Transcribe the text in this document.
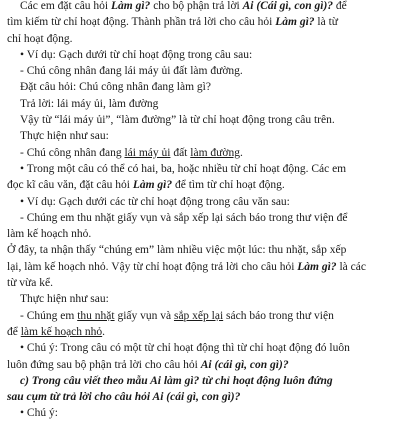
Các em đặt câu hỏi Làm gì? cho bộ phận trả lời Ai (Cái gì, con gì)? để

tìm kiếm từ chỉ hoạt động. Thành phần trả lời cho câu hỏi Làm gì? là từ

chỉ hoạt động.

• Ví dụ: Gạch dưới từ chỉ hoạt động trong câu sau:

- Chú công nhân đang lái máy ủi đất làm đường.

Đặt câu hỏi: Chú công nhân đang làm gì?

Trả lời: lái máy ủi, làm đường

Vậy từ “lái máy ủi”, “làm đường” là từ chỉ hoạt động trong câu trên.

Thực hiện như sau:

- Chú công nhân đang lái máy ủi đất làm đường.

• Trong một câu có thể có hai, ba, hoặc nhiều từ chỉ hoạt động. Các em

đọc kĩ câu văn, đặt câu hỏi Làm gì? để tìm từ chỉ hoạt động.

• Ví dụ: Gạch dưới các từ chỉ hoạt động trong câu văn sau:

- Chúng em thu nhặt giấy vụn và sắp xếp lại sách báo trong thư viện để

làm kế hoạch nhỏ.

Ở đây, ta nhận thấy “chúng em” làm nhiều việc một lúc: thu nhặt, sắp xếp

lại, làm kế hoạch nhỏ. Vậy từ chỉ hoạt động trả lời cho câu hỏi Làm gì? là các

từ vừa kể.

Thực hiện như sau:

- Chúng em thu nhặt giấy vụn và sắp xếp lại sách báo trong thư viện

để làm kế hoạch nhỏ.

• Chú ý: Trong câu có một từ chỉ hoạt động thì từ chỉ hoạt động đó luôn

luôn đứng sau bộ phận trả lời cho câu hỏi Ai (cái gì, con gì)?

c) Trong câu viết theo mẫu Ai làm gì? từ chỉ hoạt động luôn đứng

sau cụm từ trả lời cho câu hỏi Ai (cái gì, con gì)?

• Chú ý:
